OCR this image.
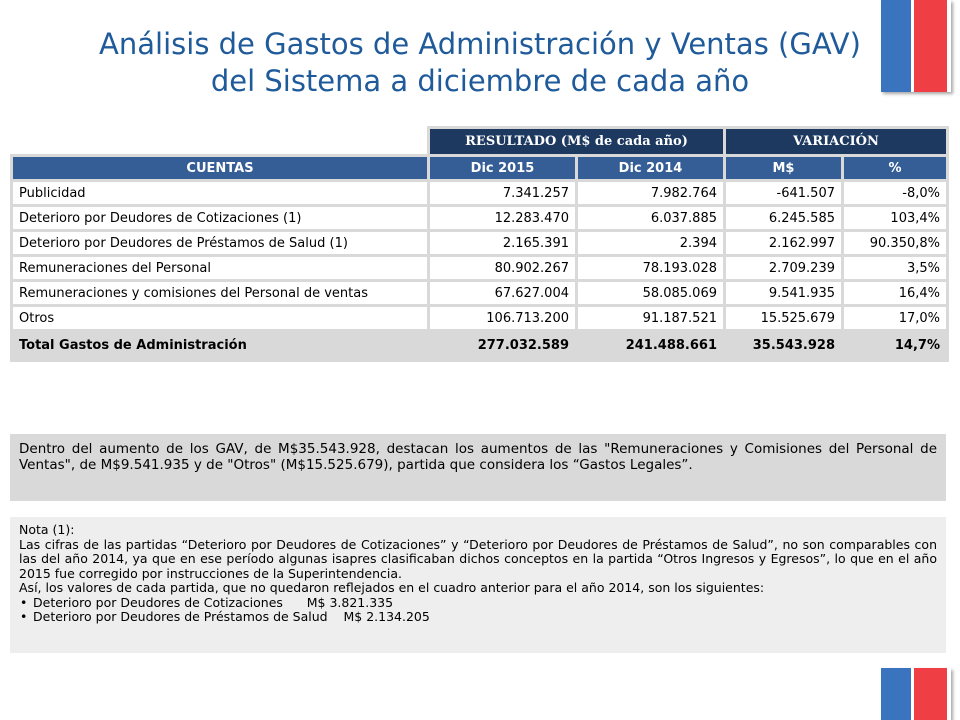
Análisis de Gastos de Administración y Ventas (GAV)
del Sistema a diciembre de cada año
	RESULTADO (M$ de cada año)		VARIACIÓN	
CUENTAS	Dic 2015	Dic 2014	M$	%
Publicidad	7.341.257	7.982.764	-641.507	-8,0%
Deterioro por Deudores de Cotizaciones (1)	12.283.470	6.037.885	6.245.585	103,4%
Deterioro por Deudores de Préstamos de Salud (1)	2.165.391	2.394	2.162.997	90.350,8%
Remuneraciones del Personal	80.902.267	78.193.028	2.709.239	3,5%
Remuneraciones y comisiones del Personal de ventas	67.627.004	58.085.069	9.541.935	16,4%
Otros	106.713.200	91.187.521	15.525.679	17,0%
Total Gastos de Administración	277.032.589	241.488.661	35.543.928	14,7%
Dentro del aumento de los GAV, de M$35.543.928, destacan los aumentos de las "Remuneraciones y Comisiones del Personal de Ventas", de M$9.541.935 y de "Otros" (M$15.525.679), partida que considera los “Gastos Legales”.
Nota (1):
Las cifras de las partidas “Deterioro por Deudores de Cotizaciones” y “Deterioro por Deudores de Préstamos de Salud”, no son comparables con las del año 2014, ya que en ese período algunas isapres clasificaban dichos conceptos en la partida “Otros Ingresos y Egresos”, lo que en el año 2015 fue corregido por instrucciones de la Superintendencia.
Así, los valores de cada partida, que no quedaron reflejados en el cuadro anterior para el año 2014, son los siguientes:
• Deterioro por Deudores de Cotizaciones      M$ 3.821.335
• Deterioro por Deudores de Préstamos de Salud    M$ 2.134.205
